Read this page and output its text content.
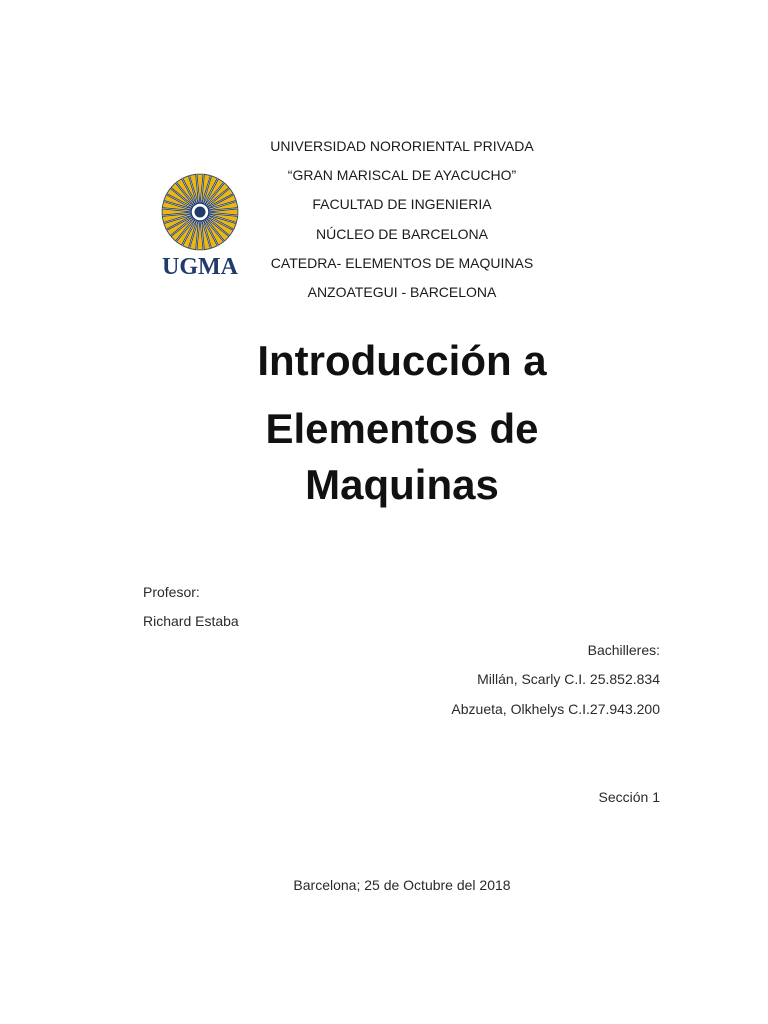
UGMA
UNIVERSIDAD NORORIENTAL PRIVADA
“GRAN MARISCAL DE AYACUCHO”
FACULTAD DE INGENIERIA
NÚCLEO DE BARCELONA
CATEDRA- ELEMENTOS DE MAQUINAS
ANZOATEGUI - BARCELONA
Introducción a
Elementos de
Maquinas
Profesor:
Richard Estaba
Bachilleres:
Millán, Scarly C.I. 25.852.834
Abzueta, Olkhelys C.I.27.943.200
Sección 1
Barcelona; 25 de Octubre del 2018
